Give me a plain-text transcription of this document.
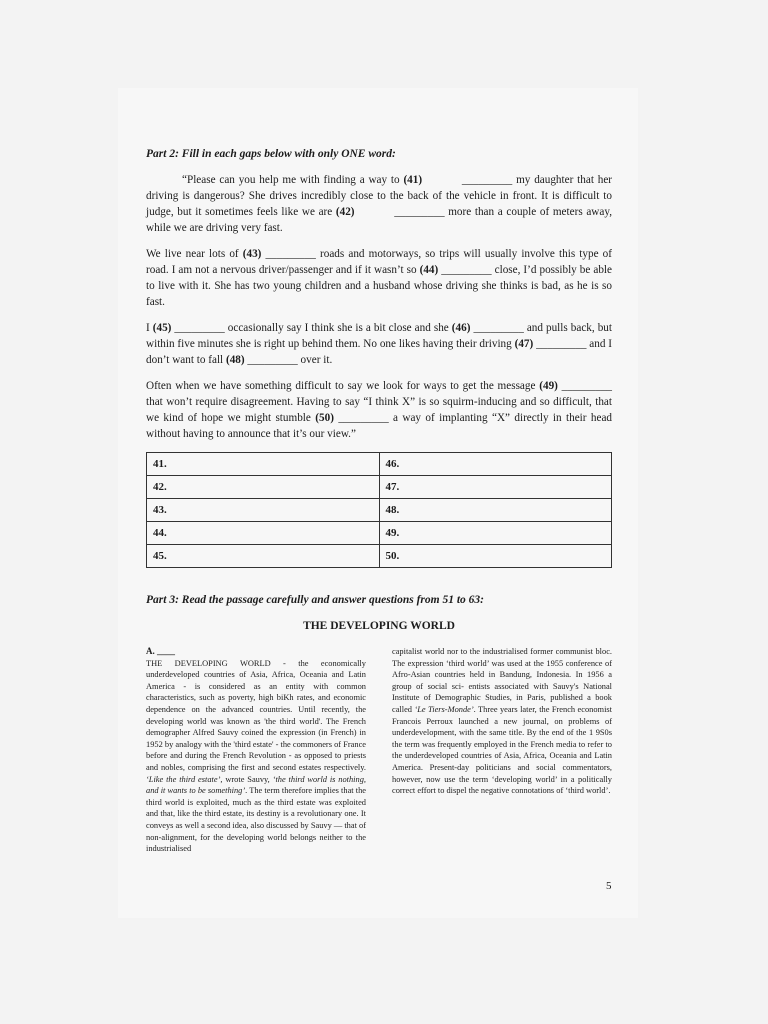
Part 2: Fill in each gaps below with only ONE word:

“Please can you help me with finding a way to (41)	_________ my daughter that her driving is dangerous? She drives incredibly close to the back of the vehicle in front. It is difficult to judge, but it sometimes feels like we are (42)	_________ more than a couple of meters away, while we are driving very fast.

We live near lots of (43) _________ roads and motorways, so trips will usually involve this type of road. I am not a nervous driver/passenger and if it wasn’t so (44) _________ close, I’d possibly be able to live with it. She has two young children and a husband whose driving she thinks is bad, as he is so fast.

I (45) _________ occasionally say I think she is a bit close and she (46) _________ and pulls back, but within five minutes she is right up behind them. No one likes having their driving (47) _________ and I don’t want to fall (48) _________ over it.

Often when we have something difficult to say we look for ways to get the message (49) _________ that won’t require disagreement. Having to say “I think X” is so squirm-inducing and so difficult, that we kind of hope we might stumble (50) _________ a way of implanting “X” directly in their head without having to announce that it’s our view.”

41.	46.
42.	47.
43.	48.
44.	49.
45.	50.

Part 3: Read the passage carefully and answer questions from 51 to 63:

THE DEVELOPING WORLD

A. ____

THE DEVELOPING WORLD - the economically underdeveloped countries of Asia, Africa, Oceania and Latin America - is considered as an entity with common characteristics, such as poverty, high biKh rates, and economic dependence on the advanced countries. Until recently, the developing world was known as 'the third world'. The French demographer Alfred Sauvy coined the expression (in French) in 1952 by analogy with the 'third estate' - the commoners of France before and during the French Revolution - as opposed to priests and nobles, comprising the first and second estates respectively. ‘Like the third estate’, wrote Sauvy, ‘the third world is nothing, and it wants to be something’. The term therefore implies that the third world is exploited, much as the third estate was exploited and that, like the third estate, its destiny is a revolutionary one. It conveys as well a second idea, also discussed by Sauvy — that of non-alignment, for the developing world belongs neither to the industrialised

capitalist world nor to the industrialised former communist bloc. The expression ‘third world’ was used at the 1955 conference of Afro-Asian countries held in Bandung, Indonesia. In 1956 a group of social sci- entists associated with Sauvy's National Institute of Demographic Studies, in Paris, published a book called ‘Le Tiers-Monde’. Three years later, the French economist Francois Perroux launched a new journal, on problems of underdevelopment, with the same title. By the end of the 1 9S0s the term was frequently employed in the French media to refer to the underdeveloped countries of Asia, Africa, Oceania and Latin America. Present-day politicians and social commentators, however, now use the term ‘developing world’ in a politically correct effort to dispel the negative connotations of ‘third world’.

5
